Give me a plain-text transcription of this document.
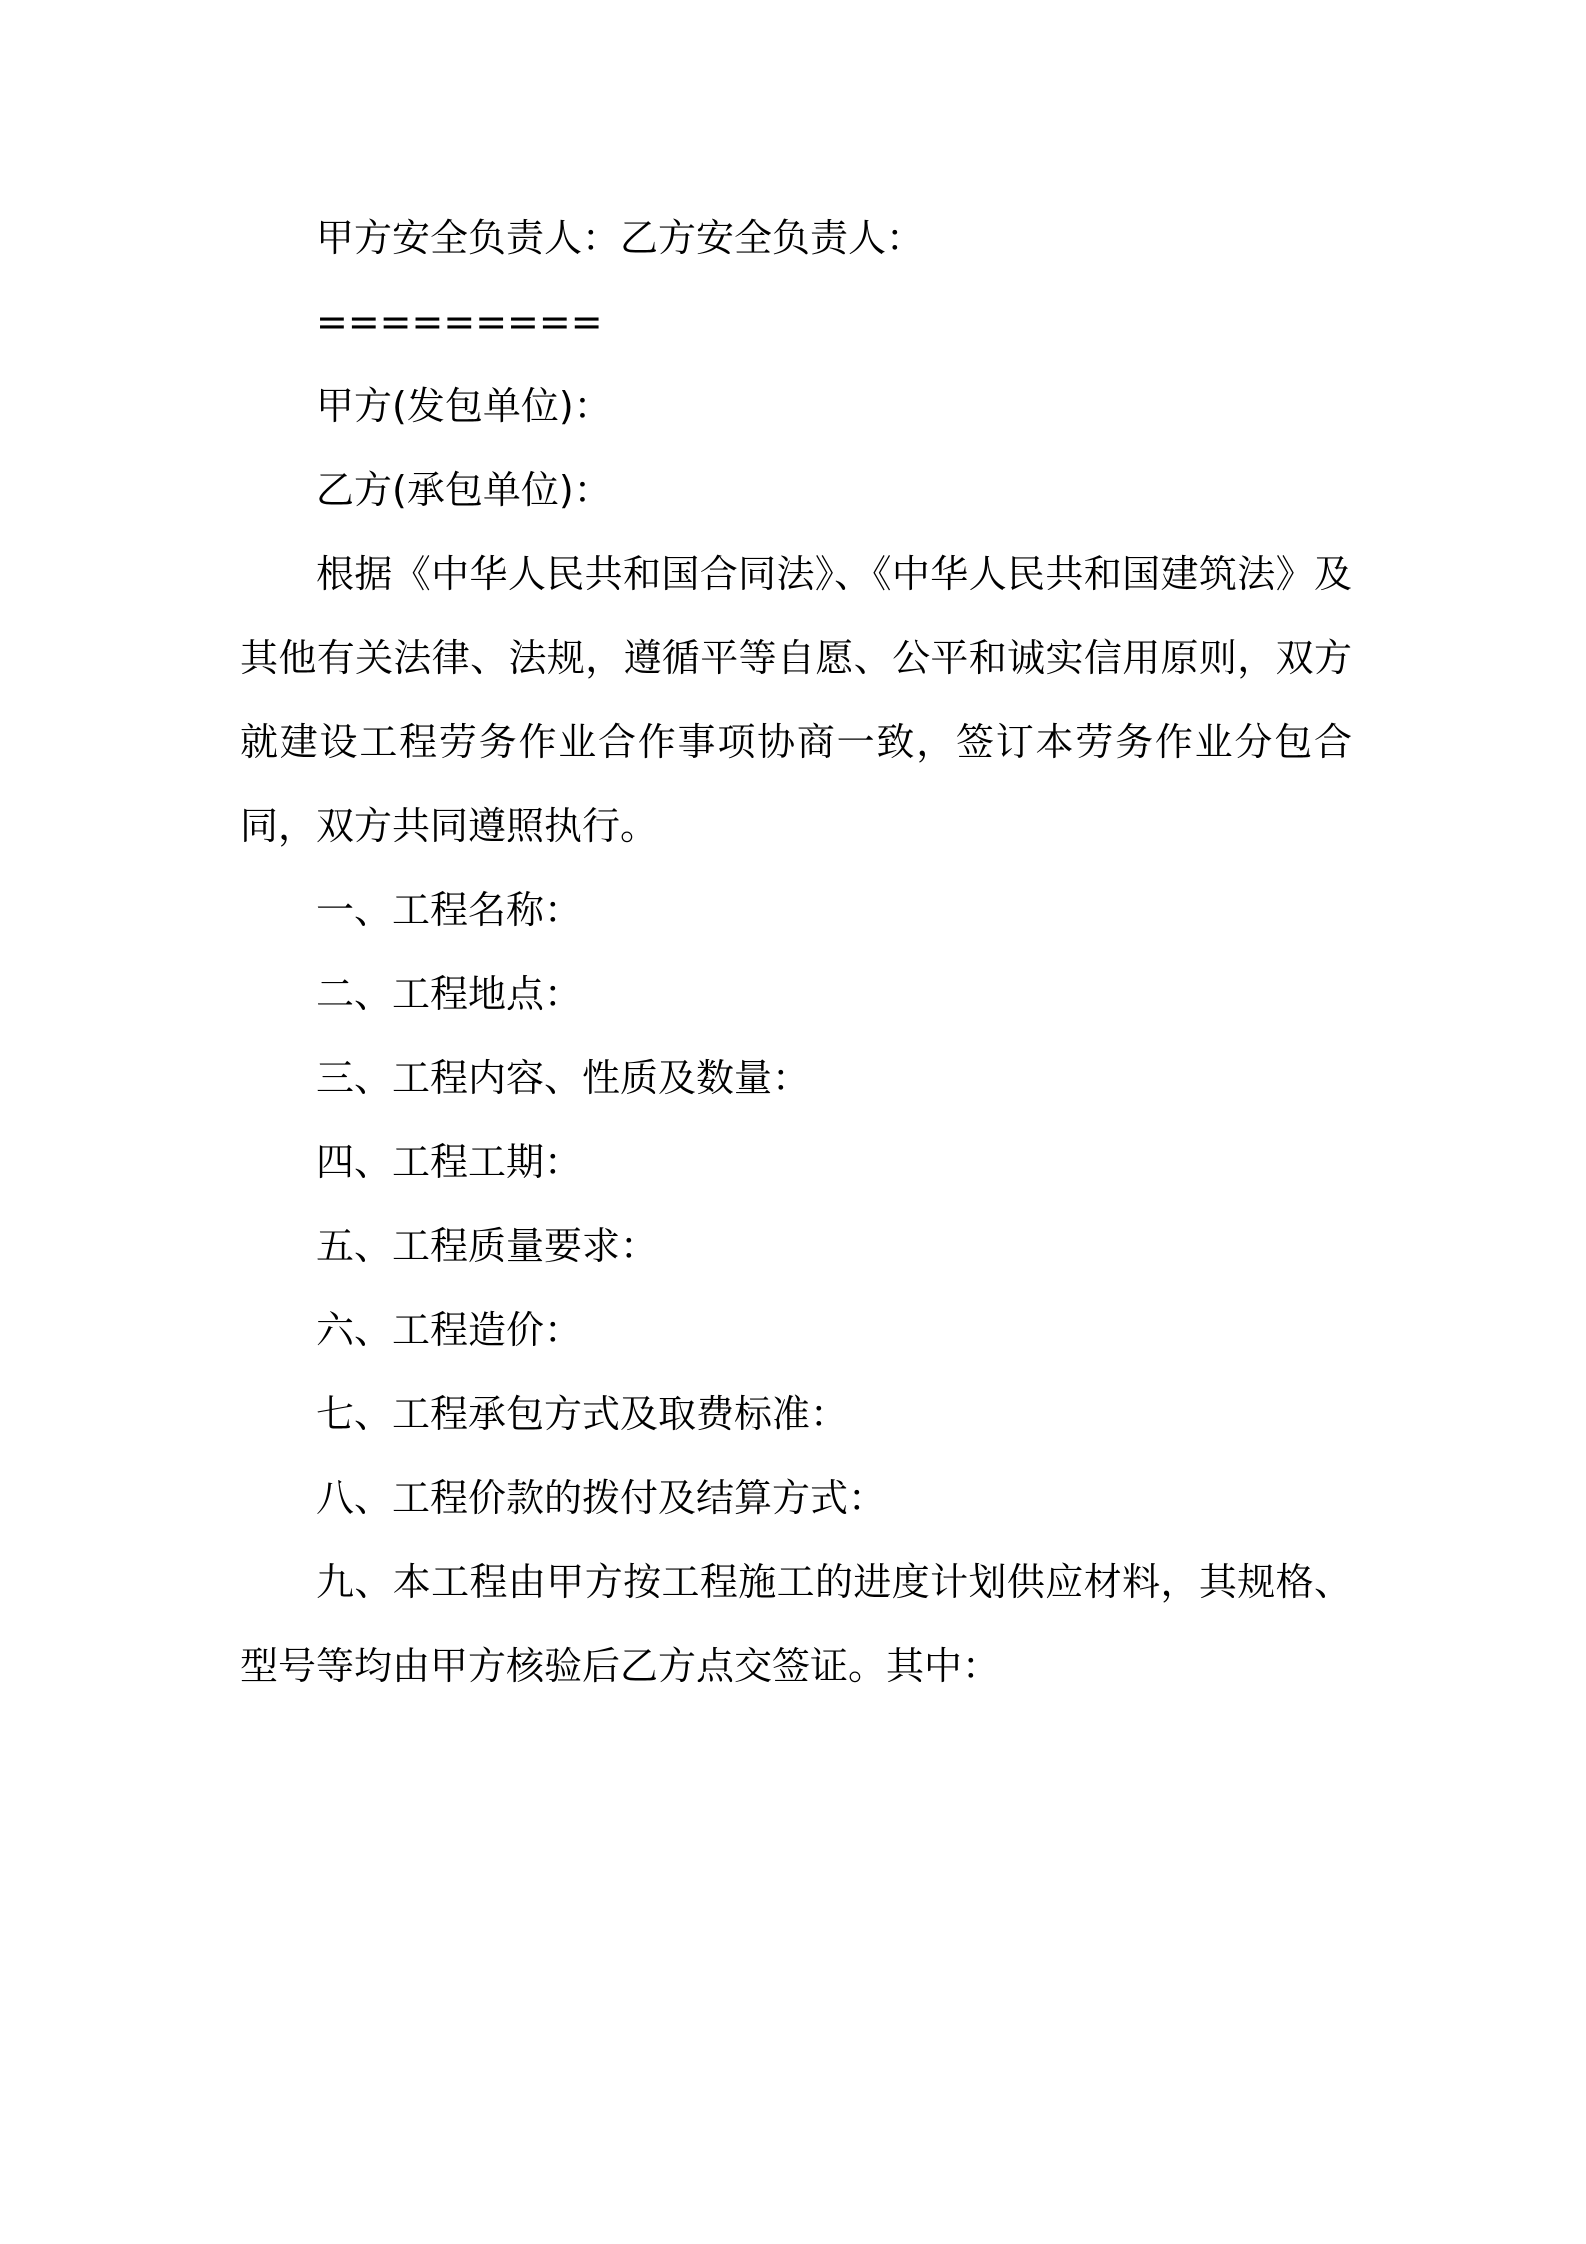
甲方安全负责人：乙方安全负责人：

=========

甲方(发包单位)：

乙方(承包单位)：

根据《中华人民共和国合同法》、《中华人民共和国建筑法》及其他有关法律、法规，遵循平等自愿、公平和诚实信用原则，双方就建设工程劳务作业合作事项协商一致，签订本劳务作业分包合同，双方共同遵照执行。

一、工程名称：

二、工程地点：

三、工程内容、性质及数量：

四、工程工期：

五、工程质量要求：

六、工程造价：

七、工程承包方式及取费标准：

八、工程价款的拨付及结算方式：

九、本工程由甲方按工程施工的进度计划供应材料，其规格、型号等均由甲方核验后乙方点交签证。其中：
